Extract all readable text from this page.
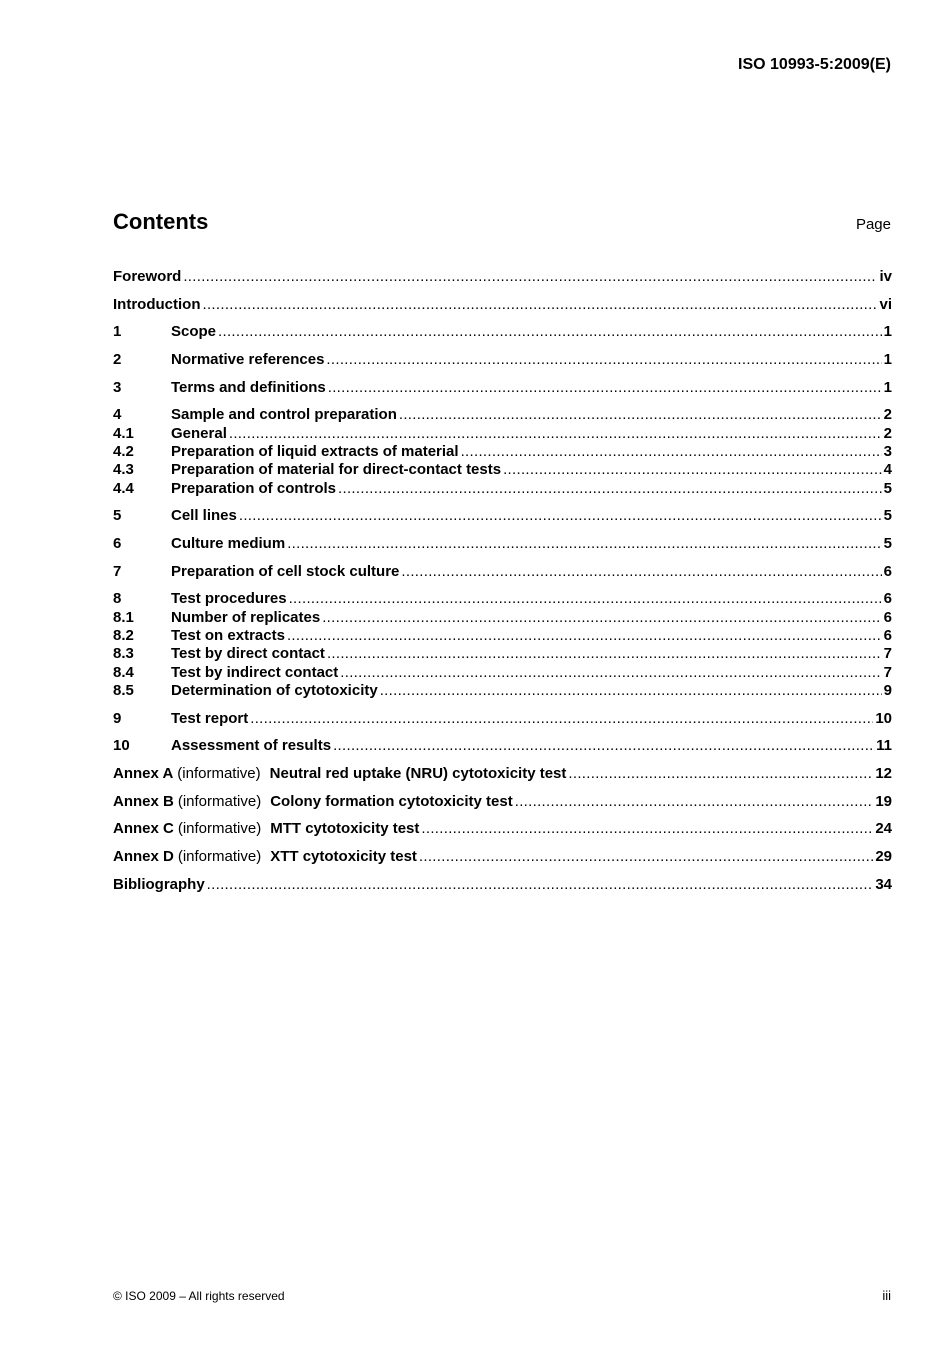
ISO 10993-5:2009(E)
Contents	Page
Foreword .....	iv
Introduction .....	vi
1	Scope .....	1
2	Normative references .....	1
3	Terms and definitions .....	1
4	Sample and control preparation .....	2
4.1	General .....	2
4.2	Preparation of liquid extracts of material .....	3
4.3	Preparation of material for direct-contact tests .....	4
4.4	Preparation of controls .....	5
5	Cell lines .....	5
6	Culture medium .....	5
7	Preparation of cell stock culture .....	6
8	Test procedures .....	6
8.1	Number of replicates .....	6
8.2	Test on extracts .....	6
8.3	Test by direct contact .....	7
8.4	Test by indirect contact .....	7
8.5	Determination of cytotoxicity .....	9
9	Test report .....	10
10	Assessment of results .....	11
Annex A (informative) Neutral red uptake (NRU) cytotoxicity test .....	12
Annex B (informative) Colony formation cytotoxicity test .....	19
Annex C (informative) MTT cytotoxicity test .....	24
Annex D (informative) XTT cytotoxicity test .....	29
Bibliography .....	34
© ISO 2009 – All rights reserved	iii
